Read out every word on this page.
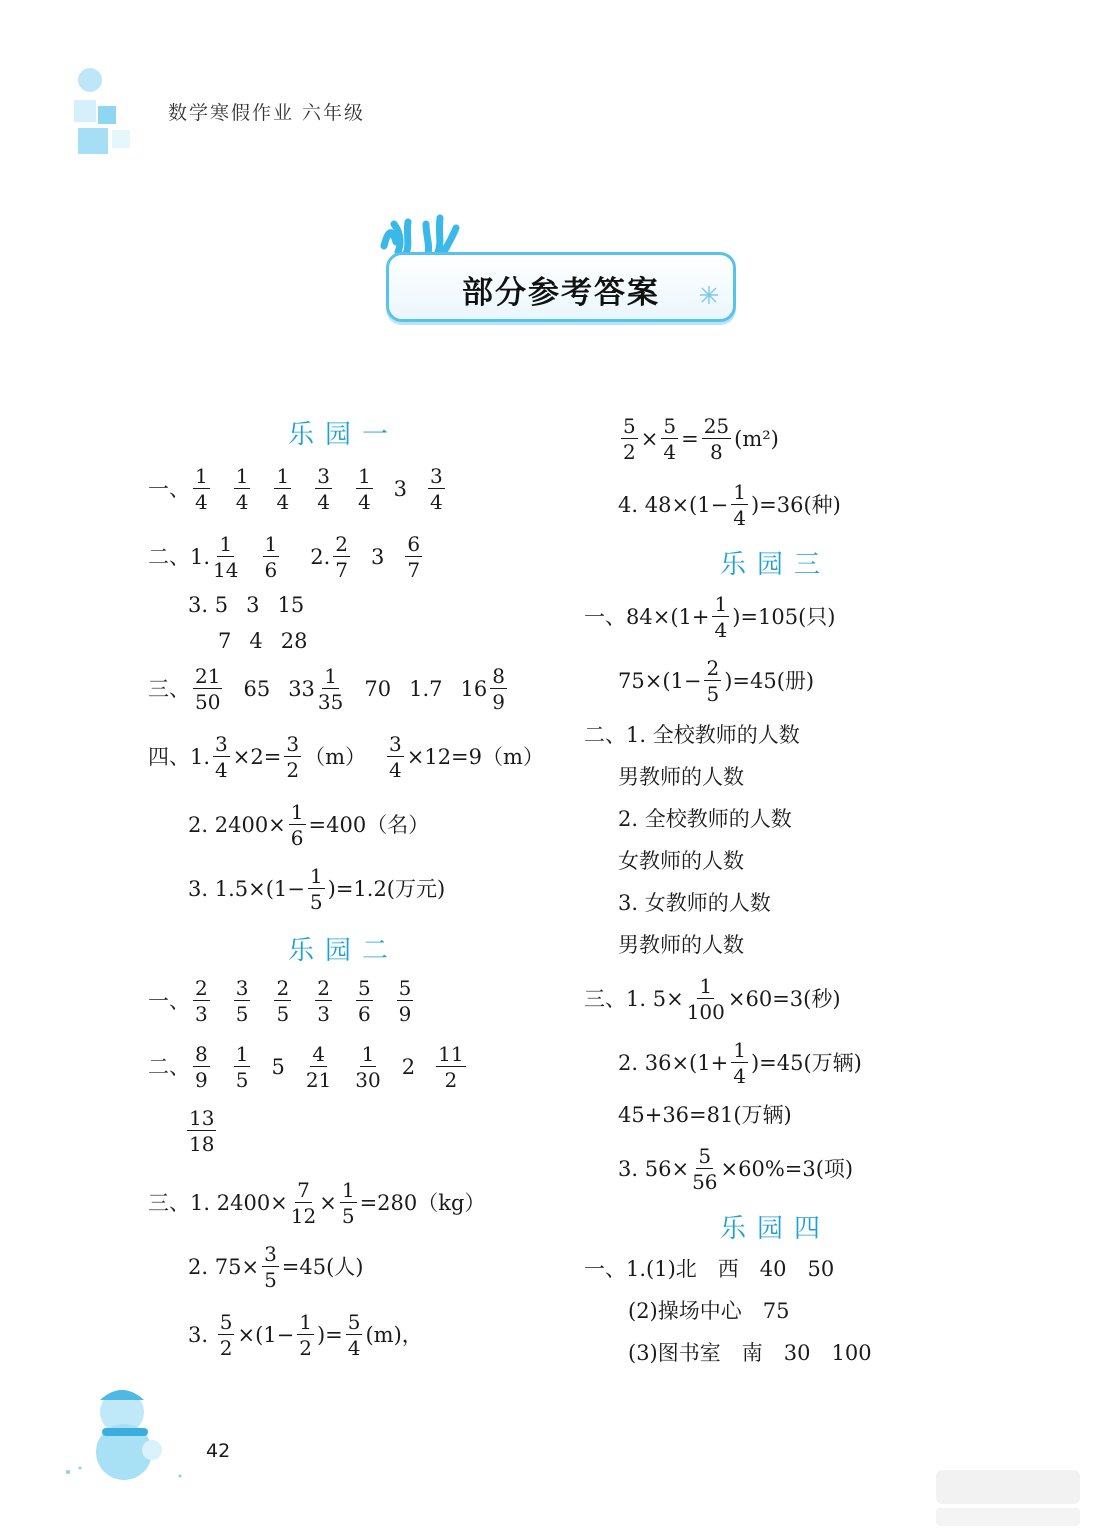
数学寒假作业 六年级
部分参考答案
乐园一
一、 $\frac{1}{4} \frac{1}{4} \frac{1}{4} \frac{3}{4} \frac{1}{4} 3 \frac{3}{4}$
二、 1. $\frac{1}{14} \frac{1}{6} 2$. $\frac{2}{7} 3 \frac{6}{7}$
3.
5 3 15
7 4 28
三、 $\frac{21}{50} 65$ $33 \frac{1}{35} 70$ 1.7 $16 \frac{8}{9}$
四、 1. $\frac{3}{4} \times 2= \frac{3}{2} (m) \frac{3}{4} \times 12=9(m)$
2.
$2400\times \frac{1}{6} =400$（名）
3.
$1.5\times(1- \frac{1}{5} )=1.2$(万元)
乐园二
一、 $\frac{2}{3} \frac{3}{5} \frac{2}{5} \frac{2}{3} \frac{5}{6} \frac{5}{9}$
二、 $\frac{8}{9} \frac{1}{5} 5 \frac{4}{21} \frac{1}{30} 2 \frac{11}{2}$
$\frac{13}{18}$
三、 1.
$2400\times \frac{7}{12} \times \frac{1}{5} =280(kg)$
2.
$75\times \frac{3}{5} =45$(人)
3.
$\frac{5}{2} \times(1- \frac{1}{2}$ )= $\frac{5}{4} (m)$，
$\frac{5}{2} \times \frac{5}{4} = \frac{25}{8} (m^2)$
4.
$48\times(1- \frac{1}{4} )=36$(种)
乐园三
一、 $84\times(1+ \frac{1}{4} )=105$(只)
$75\times(1- \frac{2}{5} )=45$(册)
二、 1.
全校教师的人数
男教师的人数
2.
全校教师的人数
女教师的人数
3.
女教师的人数
男教师的人数
三、 1.
$5\times \frac{1}{100} \times 60=3$(秒)
2.
$36\times(1+ \frac{1}{4} )=45$(万辆)
45+36=81(万辆)
3.
$56\times \frac{5}{56} \times 60\%=3$(项)
乐园四
一、 1. (1)北　西　40　50
(2)操场中心　75
(3)图书室　南　30　100
42
